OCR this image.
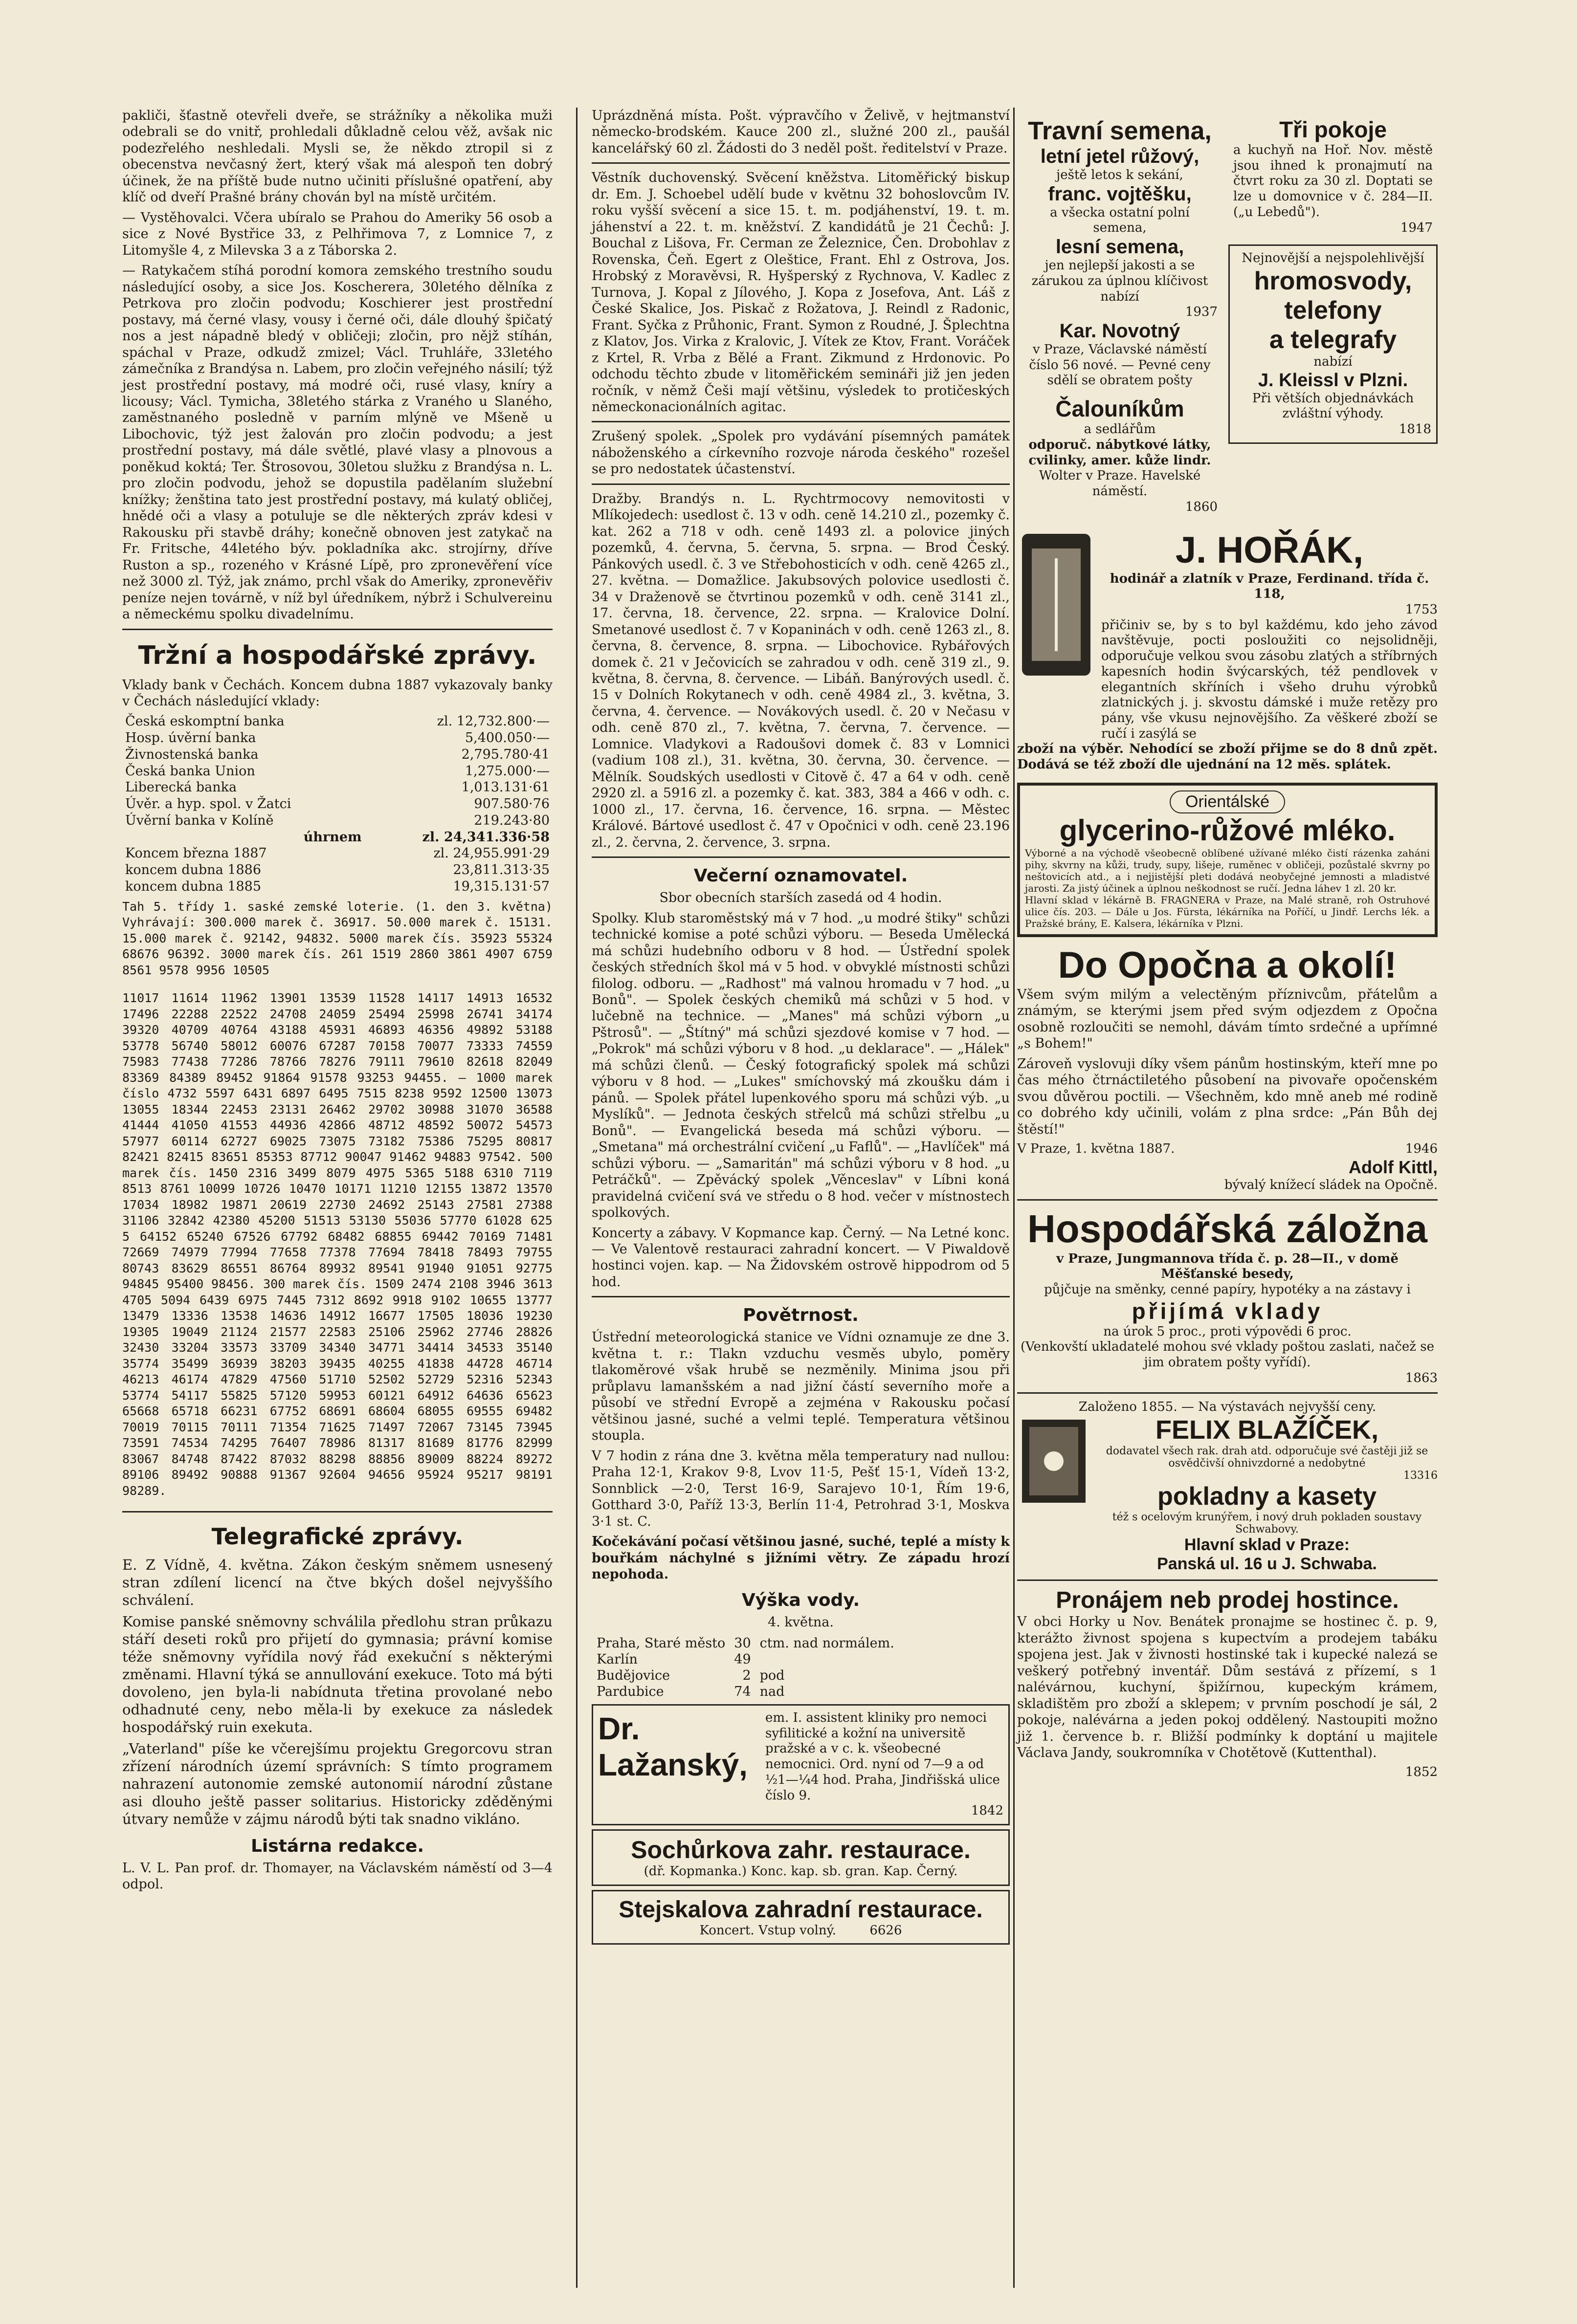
pakliči, šťastně otevřeli dveře, se strážníky a několika muži odebrali se do vnitř, prohledali důkladně celou věž, avšak nic podezřelého neshledali. Mysli se, že někdo ztropil si z obecenstva nevčasný žert, který však má alespoň ten dobrý účinek, že na příště bude nutno učiniti příslušné opatření, aby klíč od dveří Prašné brány chován byl na místě určitém.

— Vystěhovalci. Včera ubíralo se Prahou do Ameriky 56 osob a sice z Nové Bystřice 33, z Pelhřimova 7, z Lomnice 7, z Litomyšle 4, z Milevska 3 a z Táborska 2.

— Ratykačem stíhá porodní komora zemského trestního soudu následující osoby, a sice Jos. Koscherera, 30letého dělníka z Petrkova pro zločin podvodu; Koschierer jest prostřední postavy, má černé vlasy, vousy i černé oči, dále dlouhý špičatý nos a jest nápadně bledý v obličeji; zločin, pro nějž stíhán, spáchal v Praze, odkudž zmizel; Václ. Truhláře, 33letého zámečníka z Brandýsa n. Labem, pro zločin veřejného násilí; týž jest prostřední postavy, má modré oči, rusé vlasy, kníry a licousy; Václ. Tymicha, 38letého stárka z Vraného u Slaného, zaměstnaného posledně v parním mlýně ve Mšeně u Libochovic, týž jest žalován pro zločin podvodu; a jest prostřední postavy, má dále světlé, plavé vlasy a plnovous a poněkud koktá; Ter. Štrosovou, 30letou služku z Brandýsa n. L. pro zločin podvodu, jehož se dopustila padělaním služební knížky; ženština tato jest prostřední postavy, má kulatý obličej, hnědé oči a vlasy a potuluje se dle některých zpráv kdesi v Rakousku při stavbě dráhy; konečně obnoven jest zatykač na Fr. Fritsche, 44letého býv. pokladníka akc. strojírny, dříve Ruston a sp., rozeného v Krásné Lípě, pro zpronevěření více než 3000 zl. Týž, jak známo, prchl však do Ameriky, zpronevěřiv peníze nejen továrně, v níž byl úředníkem, nýbrž i Schulvereinu a německému spolku divadelnímu.

Tržní a hospodářské zprávy.

Vklady bank v Čechách. Koncem dubna 1887 vykazovaly banky v Čechách následující vklady:

Česká eskomptní banka	zl. 12,732.800·—
Hosp. úvěrní banka	5,400.050·—
Živnostenská banka	2,795.780·41
Česká banka Union	1,275.000·—
Liberecká banka	1,013.131·61
Úvěr. a hyp. spol. v Žatci	907.580·76
Úvěrní banka v Kolíně	219.243·80
úhrnem	zl. 24,341.336·58
Koncem března 1887	zl. 24,955.991·29
koncem dubna 1886	23,811.313·35
koncem dubna 1885	19,315.131·57

Tah 5. třídy 1. saské zemské loterie. (1. den 3. května) Vyhrávají: 300.000 marek č. 36917. 50.000 marek č. 15131. 15.000 marek č. 92142, 94832. 5000 marek čís. 35923 55324 68676 96392. 3000 marek čís. 261 1519 2860 3861 4907 6759 8561 9578 9956 10505

11017 11614 11962 13901 13539 11528 14117 14913 16532 17496 22288 22522 24708 24059 25494 25998 26741 34174 39320 40709 40764 43188 45931 46893 46356 49892 53188 53778 56740 58012 60076 67287 70158 70077 73333 74559 75983 77438 77286 78766 78276 79111 79610 82618 82049 83369 84389 89452 91864 91578 93253 94455. — 1000 marek číslo 4732 5597 6431 6897 6495 7515 8238 9592 12500 13073 13055 18344 22453 23131 26462 29702 30988 31070 36588 41444 41050 41553 44936 42866 48712 48592 50072 54573 57977 60114 62727 69025 73075 73182 75386 75295 80817 82421 82415 83651 85353 87712 90047 91462 94883 97542. 500 marek čís. 1450 2316 3499 8079 4975 5365 5188 6310 7119 8513 8761 10099 10726 10470 10171 11210 12155 13872 13570 17034 18982 19871 20619 22730 24692 25143 27581 27388 31106 32842 42380 45200 51513 53130 55036 57770 61028 625 5 64152 65240 67526 67792 68482 68855 69442 70169 71481 72669 74979 77994 77658 77378 77694 78418 78493 79755 80743 83629 86551 86764 89932 89541 91940 91051 92775 94845 95400 98456. 300 marek čís. 1509 2474 2108 3946 3613 4705 5094 6439 6975 7445 7312 8692 9918 9102 10655 13777 13479 13336 13538 14636 14912 16677 17505 18036 19230 19305 19049 21124 21577 22583 25106 25962 27746 28826 32430 33204 33573 33709 34340 34771 34414 34533 35140 35774 35499 36939 38203 39435 40255 41838 44728 46714 46213 46174 47829 47560 51710 52502 52729 52316 52343 53774 54117 55825 57120 59953 60121 64912 64636 65623 65668 65718 66231 67752 68691 68604 68055 69555 69482 70019 70115 70111 71354 71625 71497 72067 73145 73945 73591 74534 74295 76407 78986 81317 81689 81776 82999 83067 84748 87422 87032 88298 88856 89009 88224 89272 89106 89492 90888 91367 92604 94656 95924 95217 98191 98289.

Telegrafické zprávy.

E. Z Vídně, 4. května. Zákon českým sněmem usnesený stran zdílení licencí na čtve bkých došel nejvyššího schválení.

Komise panské sněmovny schválila předlohu stran průkazu stáří deseti roků pro přijetí do gymnasia; právní komise téže sněmovny vyřídila nový řád exekuční s některými změnami. Hlavní týká se annullování exekuce. Toto má býti dovoleno, jen byla-li nabídnuta třetina provolané nebo odhadnuté ceny, nebo měla-li by exekuce za následek hospodářský ruin exekuta.

„Vaterland" píše ke včerejšímu projektu Gregorcovu stran zřízení národních území správních: S tímto programem nahrazení autonomie zemské autonomií národní zůstane asi dlouho ještě passer solitarius. Historicky zděděnými útvary nemůže v zájmu národů býti tak snadno vikláno.

Listárna redakce.

L. V. L. Pan prof. dr. Thomayer, na Václavském náměstí od 3—4 odpol.

Uprázdněná místa. Pošt. výpravčího v Želivě, v hejtmanství německo-brodském. Kauce 200 zl., služné 200 zl., paušál kancelářský 60 zl. Žádosti do 3 neděl pošt. ředitelství v Praze.

Věstník duchovenský. Svěcení kněžstva. Litoměřický biskup dr. Em. J. Schoebel udělí bude v květnu 32 bohoslovcům IV. roku vyšší svěcení a sice 15. t. m. podjáhenství, 19. t. m. jáhenství a 22. t. m. kněžství. Z kandidátů je 21 Čechů: J. Bouchal z Lišova, Fr. Cerman ze Železnice, Čen. Drobohlav z Rovenska, Čeň. Egert z Oleštice, Frant. Ehl z Ostrova, Jos. Hrobský z Moravěvsi, R. Hyšperský z Rychnova, V. Kadlec z Turnova, J. Kopal z Jílového, J. Kopa z Josefova, Ant. Láš z České Skalice, Jos. Piskač z Rožatova, J. Reindl z Radonic, Frant. Syčka z Průhonic, Frant. Symon z Roudné, J. Šplechtna z Klatov, Jos. Virka z Kralovic, J. Vítek ze Ktov, Frant. Voráček z Krtel, R. Vrba z Bělé a Frant. Zikmund z Hrdonovic. Po odchodu těchto zbude v litoměřickém semináři již jen jeden ročník, v němž Češi mají většinu, výsledek to protičeských německonacionálních agitac.

Zrušený spolek. „Spolek pro vydávání písemných památek náboženského a církevního rozvoje národa českého" rozešel se pro nedostatek účastenství.

Dražby. Brandýs n. L. Rychtrmocovy nemovitosti v Mlíkojedech: usedlost č. 13 v odh. ceně 14.210 zl., pozemky č. kat. 262 a 718 v odh. ceně 1493 zl. a polovice jiných pozemků, 4. června, 5. června, 5. srpna. — Brod Český. Pánkových usedl. č. 3 ve Střebohosticích v odh. ceně 4265 zl., 27. května. — Domažlice. Jakubsových polovice usedlosti č. 34 v Draženově se čtvrtinou pozemků v odh. ceně 3141 zl., 17. června, 18. července, 22. srpna. — Kralovice Dolní. Smetanové usedlost č. 7 v Kopaninách v odh. ceně 1263 zl., 8. června, 8. července, 8. srpna. — Libochovice. Rybářových domek č. 21 v Ječovicích se zahradou v odh. ceně 319 zl., 9. května, 8. června, 8. července. — Libáň. Banýrových usedl. č. 15 v Dolních Rokytanech v odh. ceně 4984 zl., 3. května, 3. června, 4. července. — Novákových usedl. č. 20 v Nečasu v odh. ceně 870 zl., 7. května, 7. června, 7. července. — Lomnice. Vladykovi a Radoušovi domek č. 83 v Lomnici (vadium 108 zl.), 31. května, 30. června, 30. července. — Mělník. Soudských usedlosti v Citově č. 47 a 64 v odh. ceně 2920 zl. a 5916 zl. a pozemky č. kat. 383, 384 a 466 v odh. c. 1000 zl., 17. června, 16. července, 16. srpna. — Městec Králové. Bártové usedlost č. 47 v Opočnici v odh. ceně 23.196 zl., 2. června, 2. července, 3. srpna.

Večerní oznamovatel.

Sbor obecních starších zasedá od 4 hodin.

Spolky. Klub staroměstský má v 7 hod. „u modré štiky" schůzi technické komise a poté schůzi výboru. — Beseda Umělecká má schůzi hudebního odboru v 8 hod. — Ústřední spolek českých středních škol má v 5 hod. v obvyklé místnosti schůzi filolog. odboru. — „Radhost" má valnou hromadu v 7 hod. „u Bonů". — Spolek českých chemiků má schůzi v 5 hod. v lučebně na technice. — „Manes" má schůzi výborn „u Pštrosů". — „Štítný" má schůzi sjezdové komise v 7 hod. — „Pokrok" má schůzi výboru v 8 hod. „u deklarace". — „Hálek" má schůzi členů. — Český fotografický spolek má schůzi výboru v 8 hod. — „Lukes" smíchovský má zkoušku dám i pánů. — Spolek přátel lupenkového sporu má schůzi výb. „u Myslíků". — Jednota českých střelců má schůzi střelbu „u Bonů". — Evangelická beseda má schůzi výboru. — „Smetana" má orchestrální cvičení „u Faflů". — „Havlíček" má schůzi výboru. — „Samaritán" má schůzi výboru v 8 hod. „u Petráčků". — Zpěvácký spolek „Věnceslav" v Líbni koná pravidelná cvičení svá ve středu o 8 hod. večer v místnostech spolkových.

Koncerty a zábavy. V Kopmance kap. Černý. — Na Letné konc. — Ve Valentově restauraci zahradní koncert. — V Piwaldově hostinci vojen. kap. — Na Židovském ostrově hippodrom od 5 hod.

Povětrnost.

Ústřední meteorologická stanice ve Vídni oznamuje ze dne 3. května t. r.: Tlakn vzduchu vesměs ubylo, poměry tlakoměrové však hrubě se nezměnily. Minima jsou při průplavu lamanšském a nad jižní částí severního moře a působí ve střední Evropě a zejména v Rakousku počasí většinou jasné, suché a velmi teplé. Temperatura většinou stoupla.

V 7 hodin z rána dne 3. května měla temperatury nad nullou: Praha 12·1, Krakov 9·8, Lvov 11·5, Pešť 15·1, Vídeň 13·2, Sonnblick —2·0, Terst 16·9, Sarajevo 10·1, Řím 19·6, Gotthard 3·0, Paříž 13·3, Berlín 11·4, Petrohrad 3·1, Moskva 3·1 st. C.

Kočekávání počasí většinou jasné, suché, teplé a místy k bouřkám náchylné s jižními větry. Ze západu hrozí nepohoda.

Výška vody.

4. května.

Praha, Staré město	30	ctm. nad normálem.
Karlín	49	
Budějovice	2	pod
Pardubice	74	nad
Dr. Lažanský,
em. I. assistent kliniky pro nemoci syfilitické a kožní na universitě pražské a v c. k. všeobecné nemocnici. Ord. nyní od 7—9 a od ½1—¼4 hod. Praha, Jindřišská ulice číslo 9.
1842
Sochůrkova zahr. restaurace.
(dř. Kopmanka.) Konc. kap. sb. gran. Kap. Černý.
Stejskalova zahradní restaurace.
Koncert. Vstup volný.	6626
Travní semena,
letní jetel růžový,
ještě letos k sekání,
franc. vojtěšku,
a všecka ostatní polní semena,
lesní semena,
jen nejlepší jakosti a se zárukou za úplnou klíčivost nabízí
1937
Kar. Novotný
v Praze, Václavské náměstí číslo 56 nové. — Pevné ceny sdělí se obratem pošty
Čalouníkům
a sedlářům
odporuč. nábytkové látky, cvilinky, amer. kůže lindr.
Wolter v Praze. Havelské náměstí.
1860
Tři pokoje
a kuchyň na Hoř. Nov. městě jsou ihned k pronajmutí na čtvrt roku za 30 zl. Doptati se lze u domovnice v č. 284—II. („u Lebedů").
1947
Nejnovější a nejspolehlivější
hromosvody,
telefony
a telegrafy
nabízí
J. Kleissl v Plzni.
Při větších objednávkách zvláštní výhody.
1818
J. HOŘÁK,
hodinář a zlatník v Praze, Ferdinand. třída č. 118,
1753
přičiniv se, by s to byl každému, kdo jeho závod navštěvuje, pocti posloužiti co nejsolidněji, odporučuje velkou svou zásobu zlatých a stříbrných kapesních hodin švýcarských, též pendlovek v elegantních skříních i všeho druhu výrobků zlatnických j. j. skvostu dámské i muže retězy pro pány, vše vkusu nejnovějšího. Za věškeré zboží se ručí i zasýlá se
zboží na výběr. Nehodící se zboží přijme se do 8 dnů zpět. Dodává se též zboží dle ujednání na 12 měs. splátek.
Orientálské
glycerino-růžové mléko.
Výborné a na východě všeobecně oblíbené užívané mléko čistí rázenka zaháni pihy, skvrny na kůži, trudy, supy, lišeje, ruměnec v obličeji, pozůstalé skvrny po neštovicích atd., a i nejjistější pleti dodává neobyčejné jemnosti a mladistvé jarosti. Za jistý účinek a úplnou neškodnost se ručí. Jedna láhev 1 zl. 20 kr.
Hlavní sklad v lékárně B. FRAGNERA v Praze, na Malé straně, roh Ostruhové ulice čís. 203. — Dále u Jos. Fürsta, lékárníka na Poříčí, u Jindř. Lerchs lék. a Pražské brány, E. Kalsera, lékárníka v Plzni.
Do Opočna a okolí!

Všem svým milým a velectěným příznivcům, přátelům a známým, se kterými jsem před svým odjezdem z Opočna osobně rozloučiti se nemohl, dávám tímto srdečné a upřímné „s Bohem!"

Zároveň vyslovuji díky všem pánům hostinským, kteří mne po čas mého čtrnáctiletého působení na pivovaře opočenském svou důvěrou poctili. — Všechněm, kdo mně aneb mé rodině co dobrého kdy učinili, volám z plna srdce: „Pán Bůh dej štěstí!"

V Praze, 1. května 1887.	1946
Adolf Kittl,
bývalý knížecí sládek na Opočně.
Hospodářská záložna
v Praze, Jungmannova třída č. p. 28—II., v domě Měšťanské besedy,
půjčuje na směnky, cenné papíry, hypotéky a na zástavy i
přijímá vklady
na úrok 5 proc., proti výpovědi 6 proc.
(Venkovští ukladatelé mohou své vklady poštou zaslati, načež se jim obratem pošty vyřídí).
1863
Založeno 1855. — Na výstavách nejvyšší ceny.
FELIX BLAŽÍČEK,
dodavatel všech rak. drah atd. odporučuje své častěji již se osvědčivší ohnivzdorné a nedobytné
13316
pokladny a kasety
též s ocelovým krunýřem, i nový druh pokladen soustavy Schwabovy.
Hlavní sklad v Praze:
Panská ul. 16 u J. Schwaba.
Pronájem neb prodej hostince.

V obci Horky u Nov. Benátek pronajme se hostinec č. p. 9, kterážto živnost spojena s kupectvím a prodejem tabáku spojena jest. Jak v živnosti hostinské tak i kupecké nalezá se veškerý potřebný inventář. Dům sestává z přízemí, s 1 nalévárnou, kuchyní, špižírnou, kupeckým krámem, skladištěm pro zboží a sklepem; v prvním poschodí je sál, 2 pokoje, nalévárna a jeden pokoj oddělený. Nastoupiti možno již 1. července b. r. Bližší podmínky k doptání u majitele Václava Jandy, soukromníka v Chotětově (Kuttenthal).

1852
